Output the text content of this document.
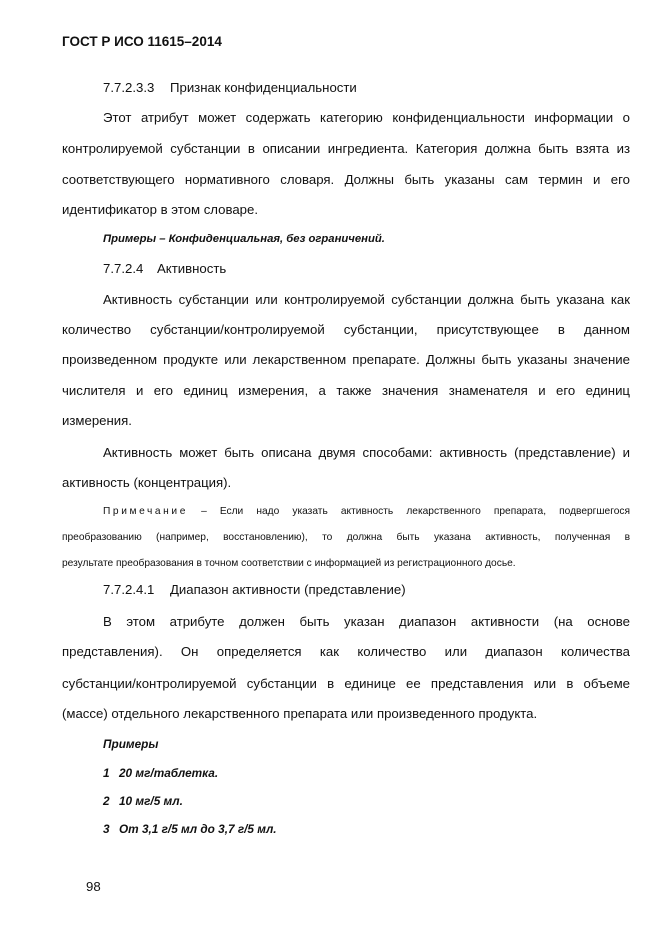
ГОСТ Р ИСО 11615–2014
7.7.2.3.3 Признак конфиденциальности
Этот атрибут может содержать категорию конфиденциальности информации о
контролируемой субстанции в описании ингредиента. Категория должна быть взята из
соответствующего нормативного словаря. Должны быть указаны сам термин и его
идентификатор в этом словаре.
Примеры – Конфиденциальная, без ограничений.
7.7.2.4 Активность
Активность субстанции или контролируемой субстанции должна быть указана как
количество субстанции/контролируемой субстанции, присутствующее в данном
произведенном продукте или лекарственном препарате. Должны быть указаны значение
числителя и его единиц измерения, а также значения знаменателя и его единиц
измерения.
Активность может быть описана двумя способами: активность (представление) и
активность (концентрация).
Примечание – Если надо указать активность лекарственного препарата, подвергшегося
преобразованию (например, восстановлению), то должна быть указана активность, полученная в
результате преобразования в точном соответствии с информацией из регистрационного досье.
7.7.2.4.1 Диапазон активности (представление)
В этом атрибуте должен быть указан диапазон активности (на основе
представления). Он определяется как количество или диапазон количества
субстанции/контролируемой субстанции в единице ее представления или в объеме
(массе) отдельного лекарственного препарата или произведенного продукта.
Примеры
1 20 мг/таблетка.
2 10 мг/5 мл.
3 От 3,1 г/5 мл до 3,7 г/5 мл.
98
